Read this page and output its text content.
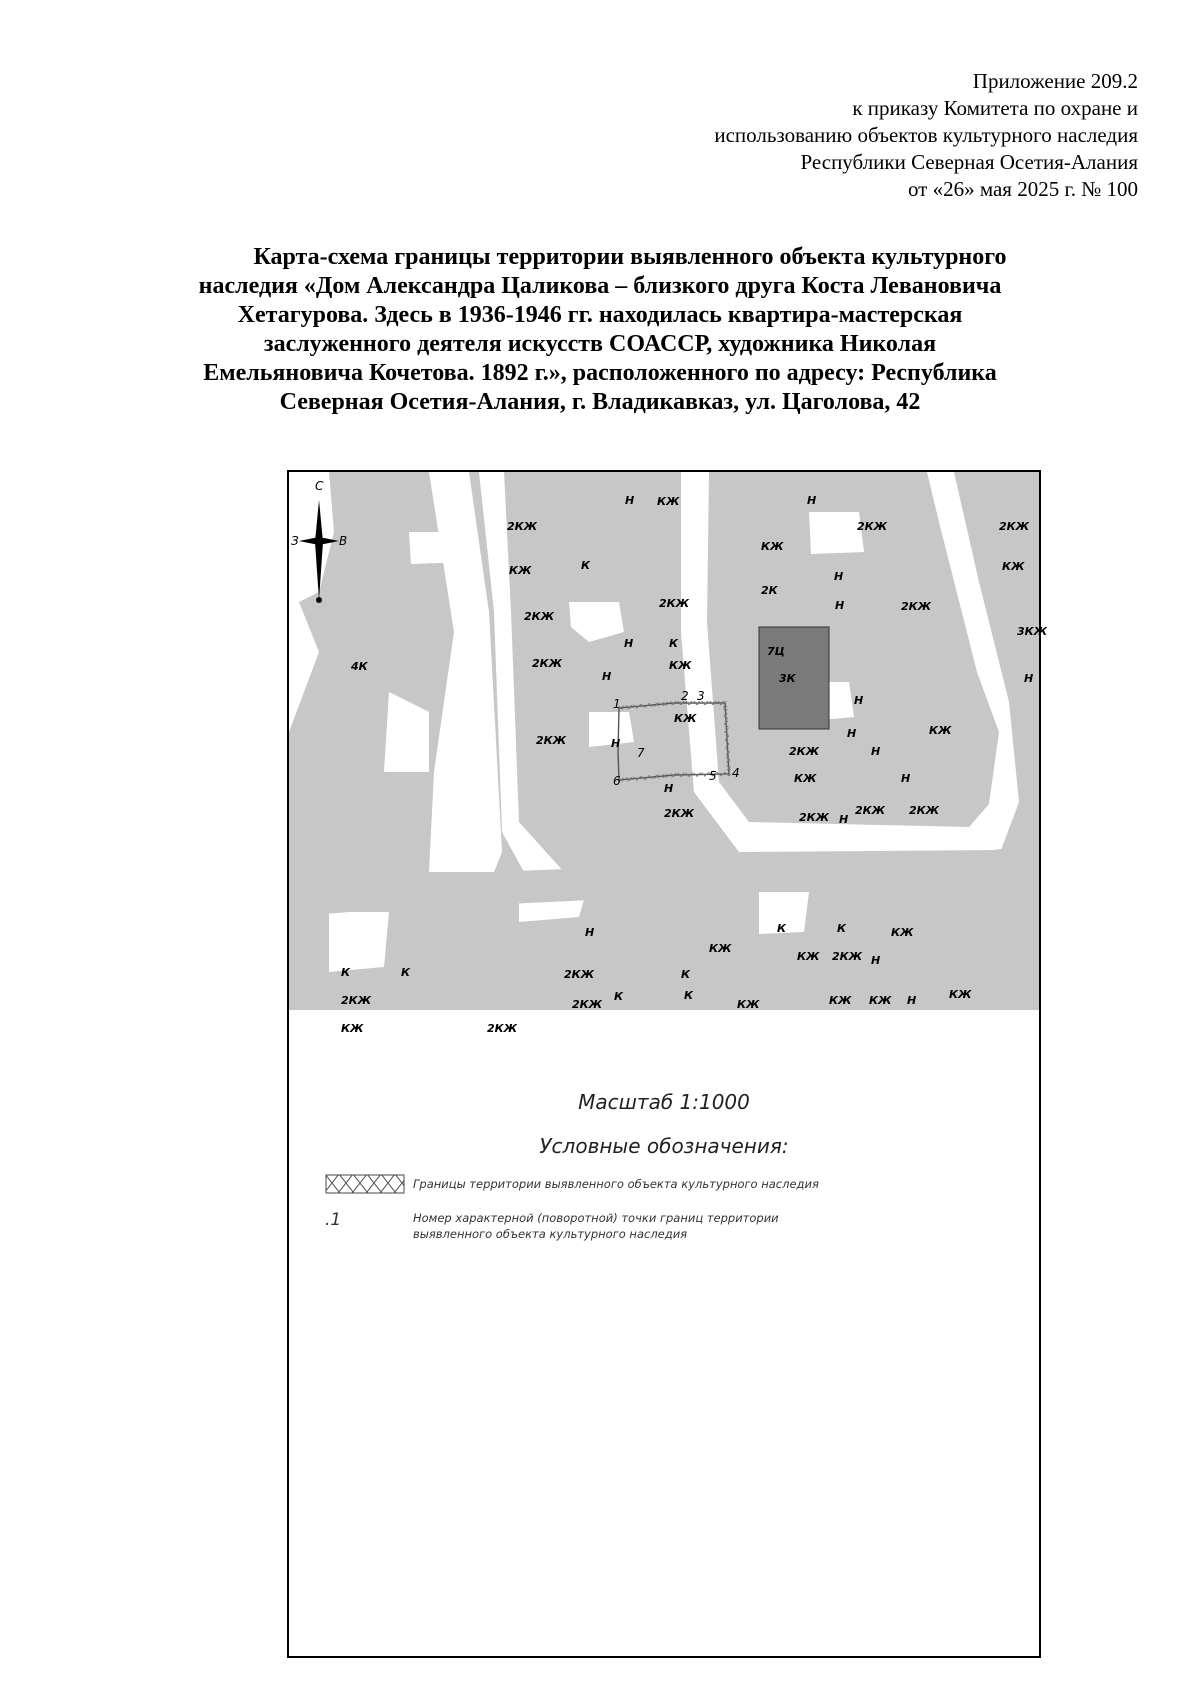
Приложение 209.2
к приказу Комитета по охране и
использованию объектов культурного наследия
Республики Северная Осетия-Алания
от «26» мая 2025 г. № 100
Карта-схема границы территории выявленного объекта культурного
наследия «Дом Александра Цаликова – близкого друга Коста Левановича
Хетагурова. Здесь в 1936-1946 гг. находилась квартира-мастерская
заслуженного деятеля искусств СОАССР, художника Николая
Емельяновича Кочетова. 1892 г.», расположенного по адресу: Республика
Северная Осетия-Алания, г. Владикавказ, ул. Цаголова, 42
С
З	В
4К
2КЖ
КЖ	К
Н КЖ
2КЖ
2КЖ
2КЖ
2КЖ
Н	К
КЖ
Н
КЖ
Н
Н
2КЖ
КЖ
2К
Н
2КЖ
Н
Н	2КЖ
7Ц
3К
Н
Н
2КЖ	Н
КЖ
КЖ	Н
2КЖ
2КЖ 2КЖ
Н
2КЖ
КЖ
3КЖ
Н
К	К
2КЖ
КЖ	2КЖ
Н
2КЖ	К
К
КЖ
К
2КЖ	КЖ
К	К	КЖ
КЖ 2КЖ Н
КЖ
КЖ КЖ Н
1
2 3
4
5
6
7
Масштаб 1:1000
Условные обозначения:
Границы территории выявленного объекта культурного наследия
.1	Номер характерной (поворотной) точки границ территории
выявленного объекта культурного наследия
